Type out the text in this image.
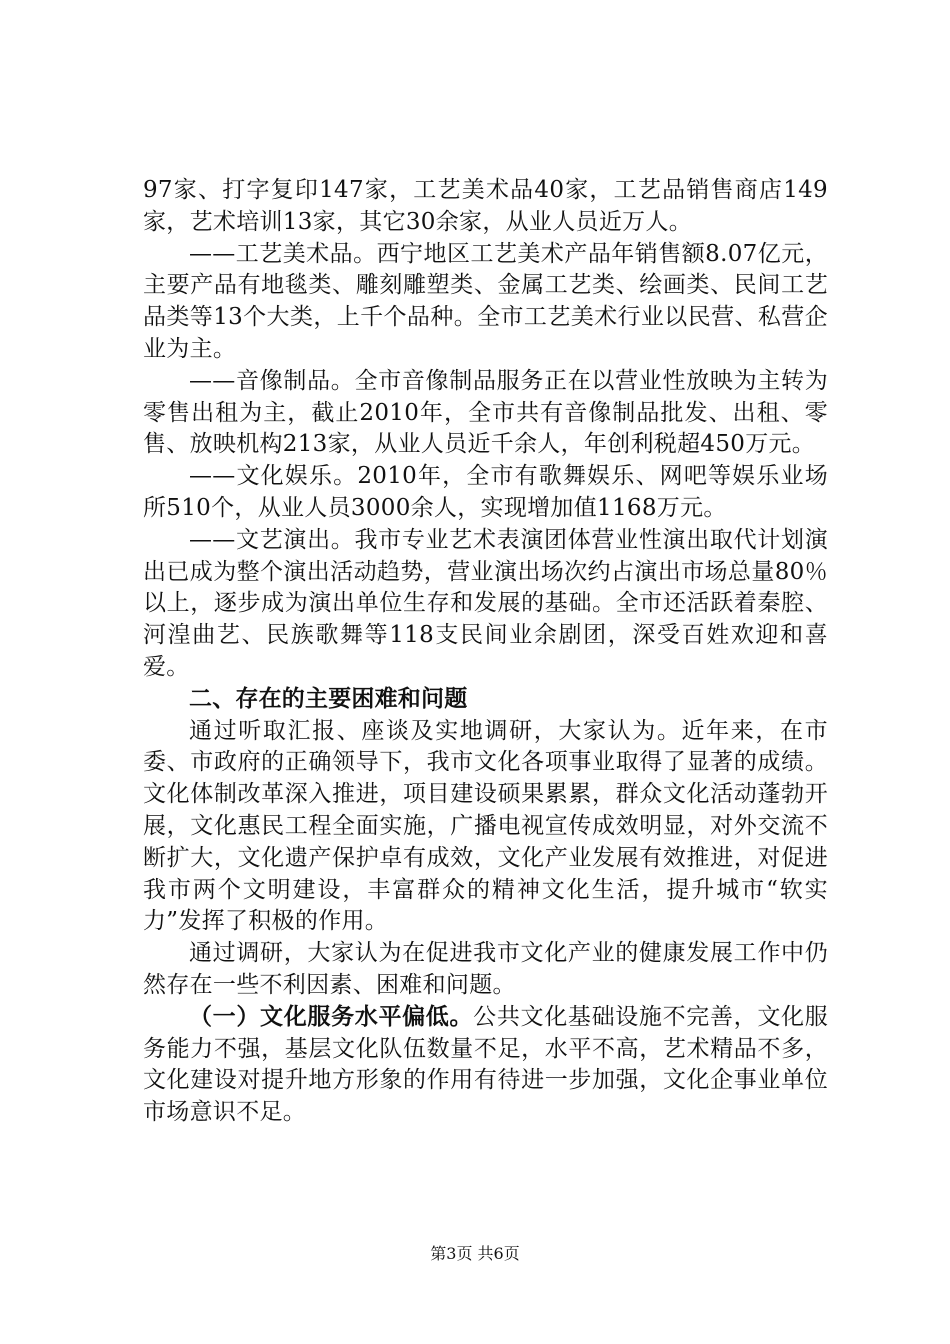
97家、打字复印147家，工艺美术品40家，工艺品销售商店149家，艺术培训13家，其它30余家，从业人员近万人。

——工艺美术品。西宁地区工艺美术产品年销售额8.07亿元，主要产品有地毯类、雕刻雕塑类、金属工艺类、绘画类、民间工艺品类等13个大类，上千个品种。全市工艺美术行业以民营、私营企业为主。

——音像制品。全市音像制品服务正在以营业性放映为主转为零售出租为主，截止2010年，全市共有音像制品批发、出租、零售、放映机构213家，从业人员近千余人，年创利税超450万元。

——文化娱乐。2010年，全市有歌舞娱乐、网吧等娱乐业场所510个，从业人员3000余人，实现增加值1168万元。

——文艺演出。我市专业艺术表演团体营业性演出取代计划演出已成为整个演出活动趋势，营业演出场次约占演出市场总量80％以上，逐步成为演出单位生存和发展的基础。全市还活跃着秦腔、河湟曲艺、民族歌舞等118支民间业余剧团，深受百姓欢迎和喜爱。

二、存在的主要困难和问题

通过听取汇报、座谈及实地调研，大家认为。近年来，在市委、市政府的正确领导下，我市文化各项事业取得了显著的成绩。文化体制改革深入推进，项目建设硕果累累，群众文化活动蓬勃开展，文化惠民工程全面实施，广播电视宣传成效明显，对外交流不断扩大，文化遗产保护卓有成效，文化产业发展有效推进，对促进我市两个文明建设，丰富群众的精神文化生活，提升城市“软实力”发挥了积极的作用。

通过调研，大家认为在促进我市文化产业的健康发展工作中仍然存在一些不利因素、困难和问题。

（一）文化服务水平偏低。公共文化基础设施不完善，文化服务能力不强，基层文化队伍数量不足，水平不高，艺术精品不多，文化建设对提升地方形象的作用有待进一步加强，文化企事业单位市场意识不足。

第3页 共6页
